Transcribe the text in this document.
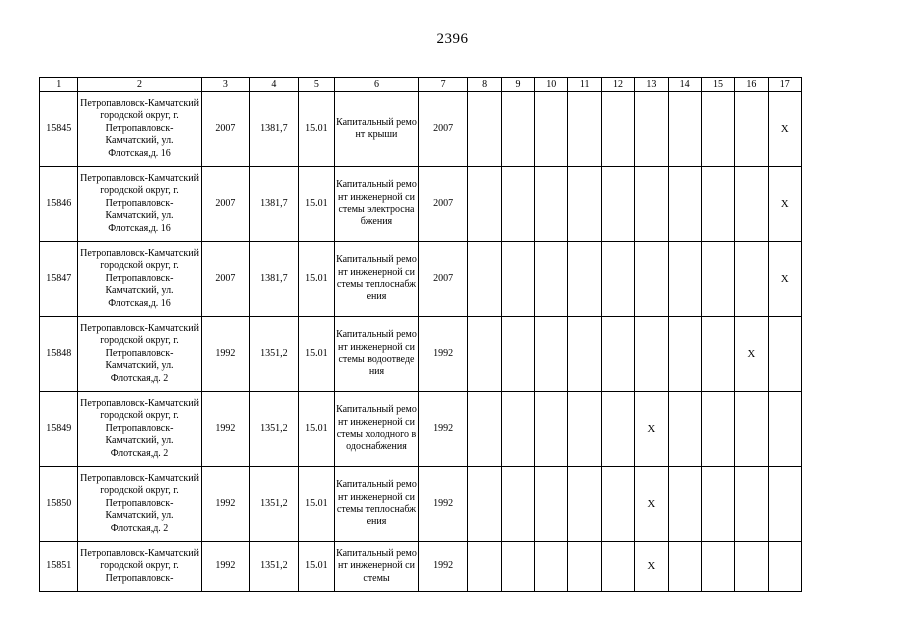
2396
1	2	3	4	5	6	7	8	9	10	11	12	13	14	15	16	17
15845	Петропавловск-Камчатский городской округ, г. Петропавловск-Камчатский, ул. Флотская,д. 16	2007	1381,7	15.01	Капитальный ремонт крыши	2007										X
15846	Петропавловск-Камчатский городской округ, г. Петропавловск-Камчатский, ул. Флотская,д. 16	2007	1381,7	15.01	Капитальный ремонт инженерной системы электроснабжения	2007										X
15847	Петропавловск-Камчатский городской округ, г. Петропавловск-Камчатский, ул. Флотская,д. 16	2007	1381,7	15.01	Капитальный ремонт инженерной системы теплоснабжения	2007										X
15848	Петропавловск-Камчатский городской округ, г. Петропавловск-Камчатский, ул. Флотская,д. 2	1992	1351,2	15.01	Капитальный ремонт инженерной системы водоотведения	1992									X	
15849	Петропавловск-Камчатский городской округ, г. Петропавловск-Камчатский, ул. Флотская,д. 2	1992	1351,2	15.01	Капитальный ремонт инженерной системы холодного водоснабжения	1992						X				
15850	Петропавловск-Камчатский городской округ, г. Петропавловск-Камчатский, ул. Флотская,д. 2	1992	1351,2	15.01	Капитальный ремонт инженерной системы теплоснабжения	1992						X				
15851	Петропавловск-Камчатский городской округ, г. Петропавловск-	1992	1351,2	15.01	Капитальный ремонт инженерной системы	1992						X				
